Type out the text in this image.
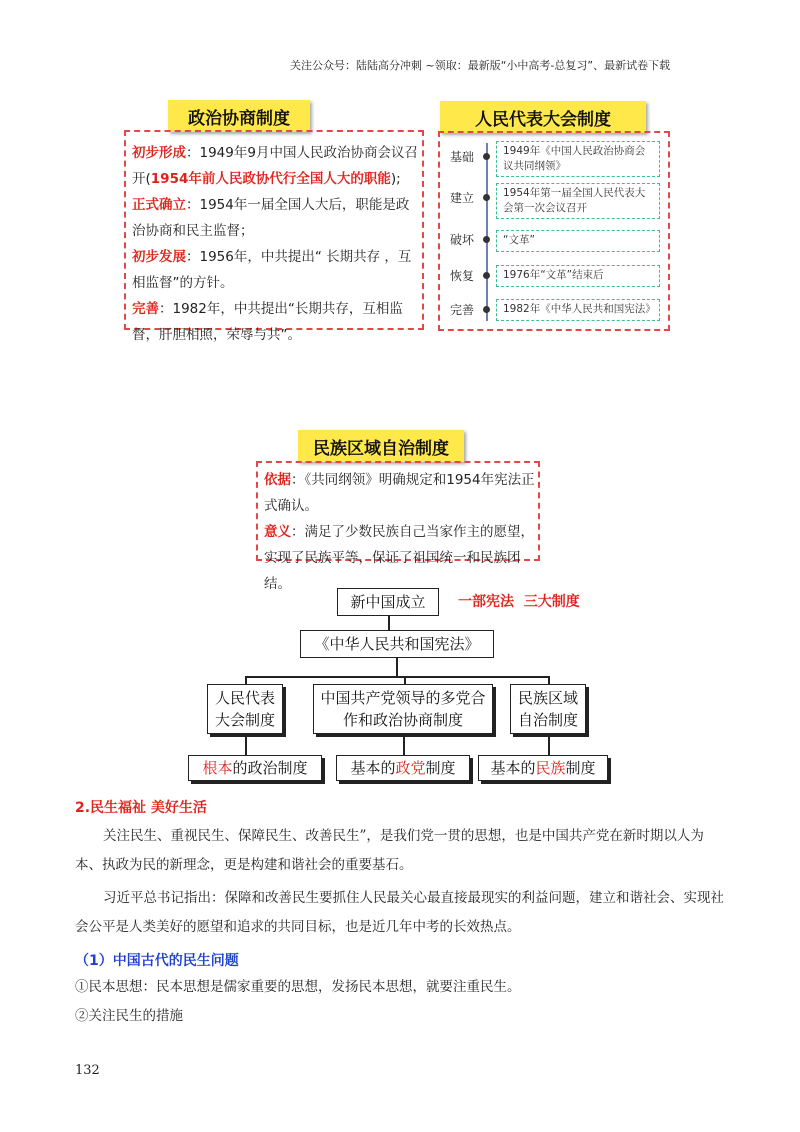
关注公众号：陆陆高分冲刺 ~领取：最新版“小中高考-总复习”、最新试卷下载
政治协商制度
初步形成：1949年9月中国人民政治协商会议召开(1954年前人民政协代行全国人大的职能);
正式确立：1954年一届全国人大后，职能是政治协商和民主监督；
初步发展：1956年，中共提出“ 长期共存 ，互相监督”的方针。
完善：1982年，中共提出“长期共存，互相监督，肝胆相照，荣辱与共”。
人民代表大会制度
基础	1949年《中国人民政治协商会议共同纲领》
建立	1954年第一届全国人民代表大会第一次会议召开
破坏	“文革”
恢复	1976年“文革”结束后
完善	1982年《中华人民共和国宪法》
民族区域自治制度
依据：《共同纲领》明确规定和1954年宪法正式确认。
意义：满足了少数民族自己当家作主的愿望，实现了民族平等，保证了祖国统一和民族团结。
新中国成立	一部宪法  三大制度
《中华人民共和国宪法》
人民代表大会制度
中国共产党领导的多党合作和政治协商制度
民族区域自治制度
根本 的政治制度	基本的 政党 制度 基本的 民族 制度
2.民生福祉 美好生活
关注民生、重视民生、保障民生、改善民生”，是我们党一贯的思想，也是中国共产党在新时期以人为本、执政为民的新理念，更是构建和谐社会的重要基石。
习近平总书记指出：保障和改善民生要抓住人民最关心最直接最现实的利益问题，建立和谐社会、实现社会公平是人类美好的愿望和追求的共同目标，也是近几年中考的长效热点。
（1）中国古代的民生问题
①民本思想：民本思想是儒家重要的思想，发扬民本思想，就要注重民生。
②关注民生的措施
132
